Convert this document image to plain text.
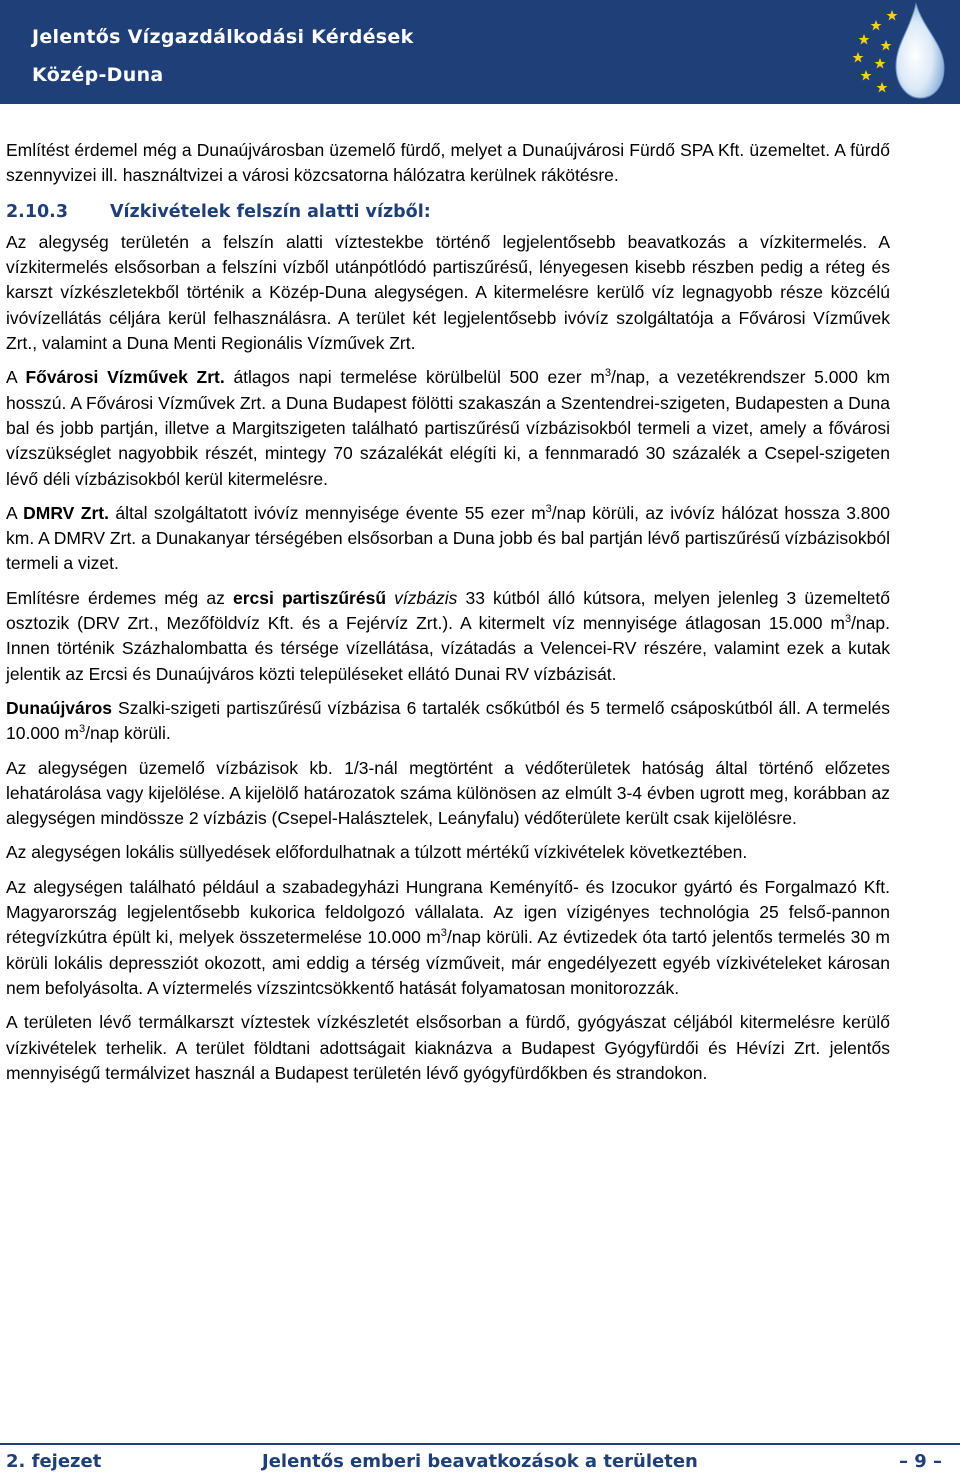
Jelentős Vízgazdálkodási Kérdések
Közép-Duna

Említést érdemel még a Dunaújvárosban üzemelő fürdő, melyet a Dunaújvárosi Fürdő SPA Kft. üzemeltet. A fürdő szennyvizei ill. használtvizei a városi közcsatorna hálózatra kerülnek rákötésre.

2.10.3 Vízkivételek felszín alatti vízből:

Az alegység területén a felszín alatti víztestekbe történő legjelentősebb beavatkozás a vízkitermelés. A vízkitermelés elsősorban a felszíni vízből utánpótlódó partiszűrésű, lényegesen kisebb részben pedig a réteg és karszt vízkészletekből történik a Közép-Duna alegységen. A kitermelésre kerülő víz legnagyobb része közcélú ivóvízellátás céljára kerül felhasználásra. A terület két legjelentősebb ivóvíz szolgáltatója a Fővárosi Vízművek Zrt., valamint a Duna Menti Regionális Vízművek Zrt.

A Fővárosi Vízművek Zrt. átlagos napi termelése körülbelül 500 ezer $m^3$/nap, a vezetékrendszer 5.000 km hosszú. A Fővárosi Vízművek Zrt. a Duna Budapest fölötti szakaszán a Szentendrei-szigeten, Budapesten a Duna bal és jobb partján, illetve a Margitszigeten található partiszűrésű vízbázisokból termeli a vizet, amely a fővárosi vízszükséglet nagyobbik részét, mintegy 70 százalékát elégíti ki, a fennmaradó 30 százalék a Csepel-szigeten lévő déli vízbázisokból kerül kitermelésre.

A DMRV Zrt. által szolgáltatott ivóvíz mennyisége évente 55 ezer $m^3$/nap körüli, az ivóvíz hálózat hossza 3.800 km. A DMRV Zrt. a Dunakanyar térségében elsősorban a Duna jobb és bal partján lévő partiszűrésű vízbázisokból termeli a vizet.

Említésre érdemes még az ercsi partiszűrésű vízbázis 33 kútból álló kútsora, melyen jelenleg 3 üzemeltető osztozik (DRV Zrt., Mezőföldvíz Kft. és a Fejérvíz Zrt.). A kitermelt víz mennyisége átlagosan 15.000 $m^3$/nap. Innen történik Százhalombatta és térsége vízellátása, vízátadás a Velencei-RV részére, valamint ezek a kutak jelentik az Ercsi és Dunaújváros közti településeket ellátó Dunai RV vízbázisát.

Dunaújváros Szalki-szigeti partiszűrésű vízbázisa 6 tartalék csőkútból és 5 termelő csáposkútból áll. A termelés 10.000 $m^3$/nap körüli.

Az alegységen üzemelő vízbázisok kb. 1/3-nál megtörtént a védőterületek hatóság által történő előzetes lehatárolása vagy kijelölése. A kijelölő határozatok száma különösen az elmúlt 3-4 évben ugrott meg, korábban az alegységen mindössze 2 vízbázis (Csepel-Halásztelek, Leányfalu) védőterülete került csak kijelölésre.

Az alegységen lokális süllyedések előfordulhatnak a túlzott mértékű vízkivételek következtében.

Az alegységen található például a szabadegyházi Hungrana Keményítő- és Izocukor gyártó és Forgalmazó Kft. Magyarország legjelentősebb kukorica feldolgozó vállalata. Az igen vízigényes technológia 25 felső-pannon rétegvízkútra épült ki, melyek összetermelése 10.000 $m^3$/nap körüli. Az évtizedek óta tartó jelentős termelés 30 m körüli lokális depressziót okozott, ami eddig a térség vízműveit, már engedélyezett egyéb vízkivételeket károsan nem befolyásolta. A víztermelés vízszintcsökkentő hatását folyamatosan monitorozzák.

A területen lévő termálkarszt víztestek vízkészletét elsősorban a fürdő, gyógyászat céljából kitermelésre kerülő vízkivételek terhelik. A terület földtani adottságait kiaknázva a Budapest Gyógyfürdői és Hévízi Zrt. jelentős mennyiségű termálvizet használ a Budapest területén lévő gyógyfürdőkben és strandokon.

2. fejezet	Jelentős emberi beavatkozások a területen	– 9 –
